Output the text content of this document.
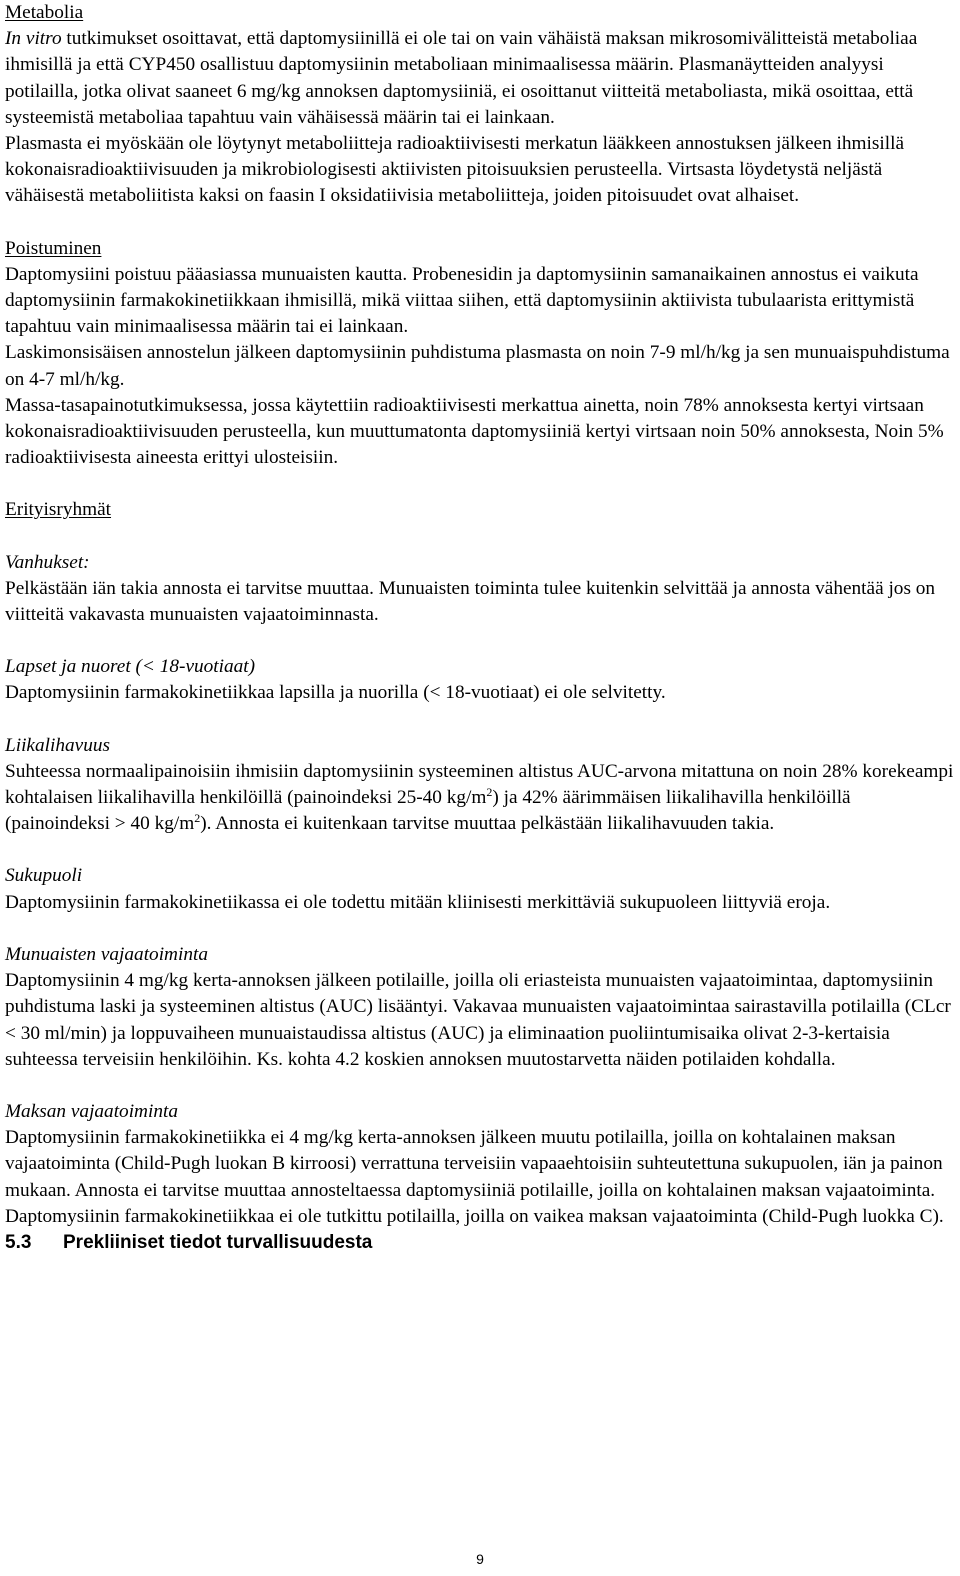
Metabolia
In vitro tutkimukset osoittavat, että daptomysiinillä ei ole tai on vain vähäistä maksan mikrosomivälitteistä metaboliaa ihmisillä ja että CYP450 osallistuu daptomysiinin metaboliaan minimaalisessa määrin. Plasmanäytteiden analyysi potilailla, jotka olivat saaneet 6 mg/kg annoksen daptomysiiniä, ei osoittanut viitteitä metaboliasta, mikä osoittaa, että systeemistä metaboliaa tapahtuu vain vähäisessä määrin tai ei lainkaan.
Plasmasta ei myöskään ole löytynyt metaboliitteja radioaktiivisesti merkatun lääkkeen annostuksen jälkeen ihmisillä kokonaisradioaktiivisuuden ja mikrobiologisesti aktiivisten pitoisuuksien perusteella. Virtsasta löydetystä neljästä vähäisestä metaboliitista kaksi on faasin I oksidatiivisia metaboliitteja, joiden pitoisuudet ovat alhaiset.
Poistuminen
Daptomysiini poistuu pääasiassa munuaisten kautta. Probenesidin ja daptomysiinin samanaikainen annostus ei vaikuta daptomysiinin farmakokinetiikkaan ihmisillä, mikä viittaa siihen, että daptomysiinin aktiivista tubulaarista erittymistä tapahtuu vain minimaalisessa määrin tai ei lainkaan.
Laskimonsisäisen annostelun jälkeen daptomysiinin puhdistuma plasmasta on noin 7-9 ml/h/kg ja sen munuaispuhdistuma on 4-7 ml/h/kg.
Massa-tasapainotutkimuksessa, jossa käytettiin radioaktiivisesti merkattua ainetta, noin 78% annoksesta kertyi virtsaan kokonaisradioaktiivisuuden perusteella, kun muuttumatonta daptomysiiniä kertyi virtsaan noin 50% annoksesta, Noin 5% radioaktiivisesta aineesta erittyi ulosteisiin.
Erityisryhmät
Vanhukset:
Pelkästään iän takia annosta ei tarvitse muuttaa. Munuaisten toiminta tulee kuitenkin selvittää ja annosta vähentää jos on viitteitä vakavasta munuaisten vajaatoiminnasta.
Lapset ja nuoret (< 18-vuotiaat)
Daptomysiinin farmakokinetiikkaa lapsilla ja nuorilla (< 18-vuotiaat) ei ole selvitetty.
Liikalihavuus
Suhteessa normaalipainoisiin ihmisiin daptomysiinin systeeminen altistus AUC-arvona mitattuna on noin 28% korekeampi kohtalaisen liikalihavilla henkilöillä (painoindeksi 25-40 $kg/m^2$) ja 42% äärimmäisen liikalihavilla henkilöillä (painoindeksi > 40 $kg/m^2$). Annosta ei kuitenkaan tarvitse muuttaa pelkästään liikalihavuuden takia.
Sukupuoli
Daptomysiinin farmakokinetiikassa ei ole todettu mitään kliinisesti merkittäviä sukupuoleen liittyviä eroja.
Munuaisten vajaatoiminta
Daptomysiinin 4 mg/kg kerta-annoksen jälkeen potilaille, joilla oli eriasteista munuaisten vajaatoimintaa, daptomysiinin puhdistuma laski ja systeeminen altistus (AUC) lisääntyi. Vakavaa munuaisten vajaatoimintaa sairastavilla potilailla (CLcr < 30 ml/min) ja loppuvaiheen munuaistaudissa altistus (AUC) ja eliminaation puoliintumisaika olivat 2-3-kertaisia suhteessa terveisiin henkilöihin. Ks. kohta 4.2 koskien annoksen muutostarvetta näiden potilaiden kohdalla.
Maksan vajaatoiminta
Daptomysiinin farmakokinetiikka ei 4 mg/kg kerta-annoksen jälkeen muutu potilailla, joilla on kohtalainen maksan vajaatoiminta (Child-Pugh luokan B kirroosi) verrattuna terveisiin vapaaehtoisiin suhteutettuna sukupuolen, iän ja painon mukaan. Annosta ei tarvitse muuttaa annosteltaessa daptomysiiniä potilaille, joilla on kohtalainen maksan vajaatoiminta. Daptomysiinin farmakokinetiikkaa ei ole tutkittu potilailla, joilla on vaikea maksan vajaatoiminta (Child-Pugh luokka C).
5.3 Prekliiniset tiedot turvallisuudesta
9
